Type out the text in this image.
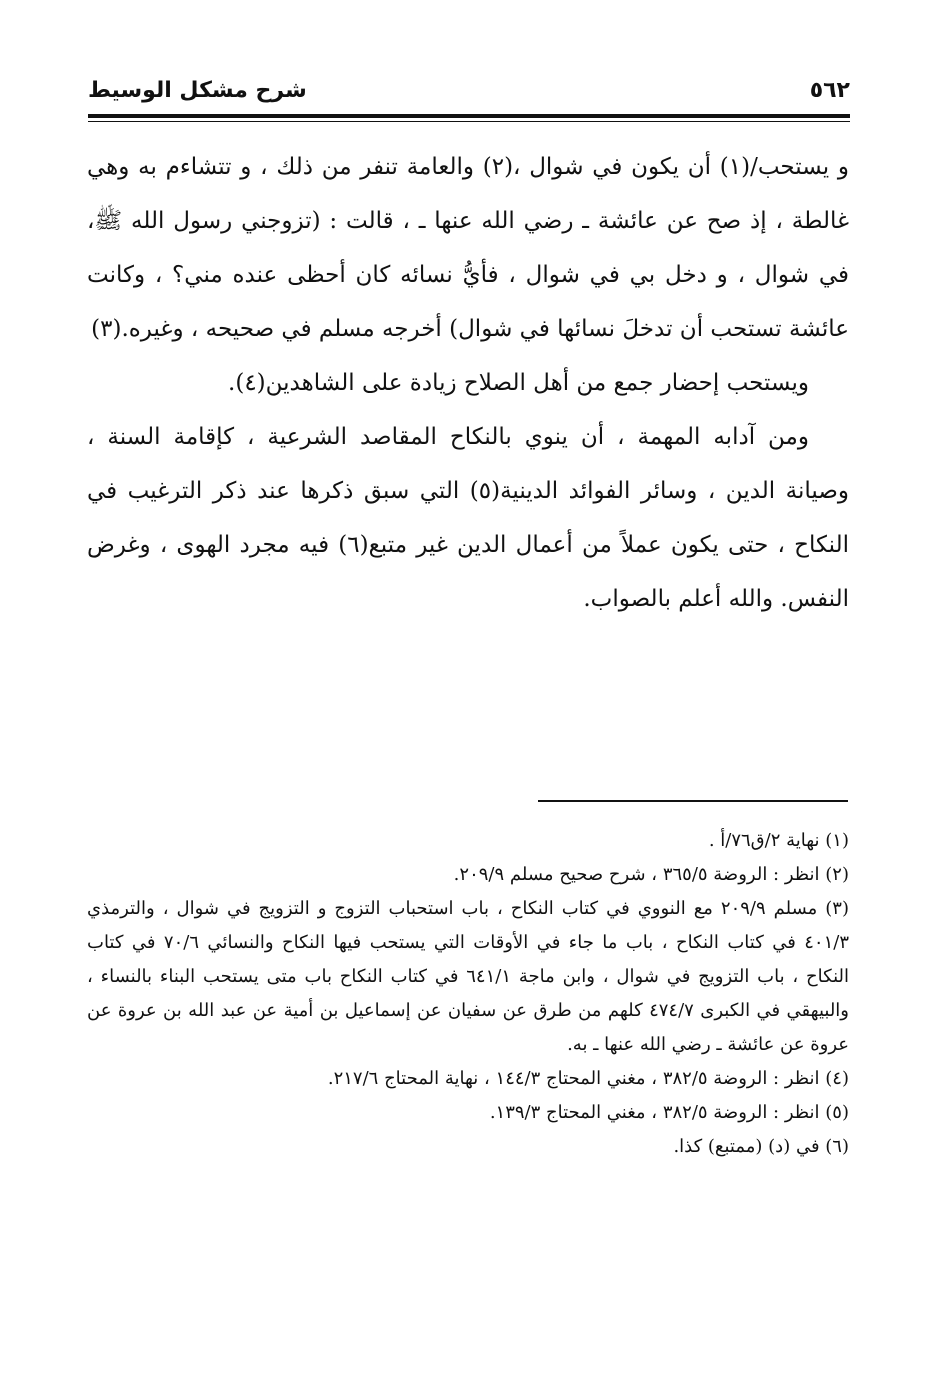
٥٦٢
شرح مشكل الوسيط

و يستحب/(١) أن يكون في شوال ،(٢) والعامة تنفر من ذلك ، و تتشاءم به وهي غالطة ، إذ صح عن عائشة ـ رضي الله عنها ـ ، قالت : (تزوجني رسول الله ﷺ، في شوال ، و دخل بي في شوال ، فأيُّ نسائه كان أحظى عنده مني؟ ، وكانت عائشة تستحب أن تدخلَ نسائها في شوال) أخرجه مسلم في صحيحه ، وغيره.(٣)

ويستحب إحضار جمع من أهل الصلاح زيادة على الشاهدين(٤).

ومن آدابه المهمة ، أن ينوي بالنكاح المقاصد الشرعية ، كإقامة السنة ، وصيانة الدين ، وسائر الفوائد الدينية(٥) التي سبق ذكرها عند ذكر الترغيب في النكاح ، حتى يكون عملاً من أعمال الدين غير متبع(٦) فيه مجرد الهوى ، وغرض النفس. والله أعلم بالصواب.

(١) نهاية ٢/ق٧٦/أ .

(٢) انظر : الروضة ٣٦٥/٥ ، شرح صحيح مسلم ٢٠٩/٩.

(٣) مسلم ٢٠٩/٩ مع النووي في كتاب النكاح ، باب استحباب التزوج و التزويج في شوال ، والترمذي ٤٠١/٣ في كتاب النكاح ، باب ما جاء في الأوقات التي يستحب فيها النكاح والنسائي ٧٠/٦ في كتاب النكاح ، باب التزويج في شوال ، وابن ماجة ٦٤١/١ في كتاب النكاح باب متى يستحب البناء بالنساء ، والبيهقي في الكبرى ٤٧٤/٧ كلهم من طرق عن سفيان عن إسماعيل بن أمية عن عبد الله بن عروة عن عروة عن عائشة ـ رضي الله عنها ـ به.

(٤) انظر : الروضة ٣٨٢/٥ ، مغني المحتاج ١٤٤/٣ ، نهاية المحتاج ٢١٧/٦.

(٥) انظر : الروضة ٣٨٢/٥ ، مغني المحتاج ١٣٩/٣.

(٦) في (د) (ممتبع) كذا.
